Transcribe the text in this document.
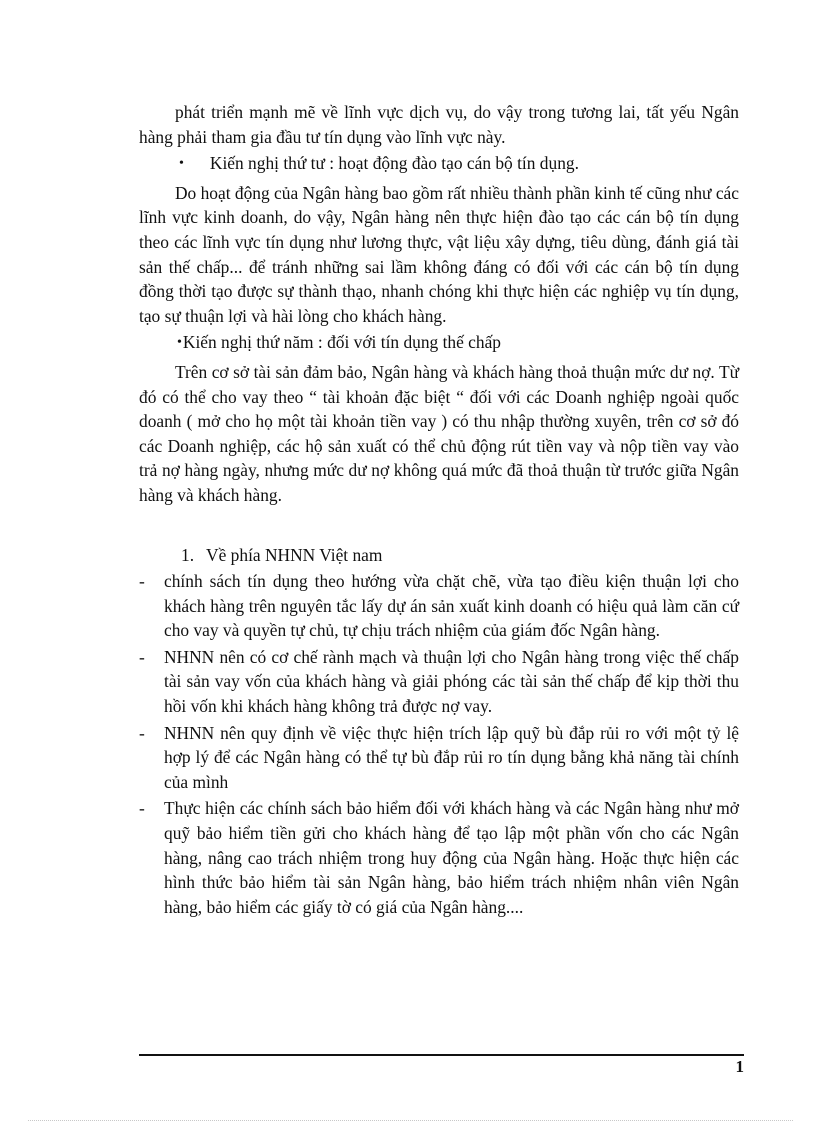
phát triển mạnh mẽ về lĩnh vực dịch vụ, do vậy trong tương lai, tất yếu Ngân hàng phải tham gia đầu tư tín dụng vào lĩnh vực này.

• Kiến nghị thứ tư : hoạt động đào tạo cán bộ tín dụng.

Do hoạt động của Ngân hàng bao gồm rất nhiều thành phần kinh tế cũng như các lĩnh vực kinh doanh, do vậy, Ngân hàng nên thực hiện đào tạo các cán bộ tín dụng theo các lĩnh vực tín dụng như lương thực, vật liệu xây dựng, tiêu dùng, đánh giá tài sản thế chấp... để tránh những sai lầm không đáng có đối với các cán bộ tín dụng đồng thời tạo được sự thành thạo, nhanh chóng khi thực hiện các nghiệp vụ tín dụng, tạo sự thuận lợi và hài lòng cho khách hàng.

• Kiến nghị thứ năm : đối với tín dụng thế chấp

Trên cơ sở tài sản đảm bảo, Ngân hàng và khách hàng thoả thuận mức dư nợ. Từ đó có thể cho vay theo “ tài khoản đặc biệt “ đối với các Doanh nghiệp ngoài quốc doanh ( mở cho họ một tài khoản tiền vay ) có thu nhập thường xuyên, trên cơ sở đó các Doanh nghiệp, các hộ sản xuất có thể chủ động rút tiền vay và nộp tiền vay vào trả nợ hàng ngày, nhưng mức dư nợ không quá mức đã thoả thuận từ trước giữa Ngân hàng và khách hàng.

1. Về phía NHNN Việt nam
- chính sách tín dụng theo hướng vừa chặt chẽ, vừa tạo điều kiện thuận lợi cho khách hàng trên nguyên tắc lấy dự án sản xuất kinh doanh có hiệu quả làm căn cứ cho vay và quyền tự chủ, tự chịu trách nhiệm của giám đốc Ngân hàng.
- NHNN nên có cơ chế rành mạch và thuận lợi cho Ngân hàng trong việc thế chấp tài sản vay vốn của khách hàng và giải phóng các tài sản thế chấp để kịp thời thu hồi vốn khi khách hàng không trả được nợ vay.
- NHNN nên quy định về việc thực hiện trích lập quỹ bù đắp rủi ro với một tỷ lệ hợp lý để các Ngân hàng có thể tự bù đắp rủi ro tín dụng bằng khả năng tài chính của mình
- Thực hiện các chính sách bảo hiểm đối với khách hàng và các Ngân hàng như mở quỹ bảo hiểm tiền gửi cho khách hàng để tạo lập một phần vốn cho các Ngân hàng, nâng cao trách nhiệm trong huy động của Ngân hàng. Hoặc thực hiện các hình thức bảo hiểm tài sản Ngân hàng, bảo hiểm trách nhiệm nhân viên Ngân hàng, bảo hiểm các giấy tờ có giá của Ngân hàng....
1
